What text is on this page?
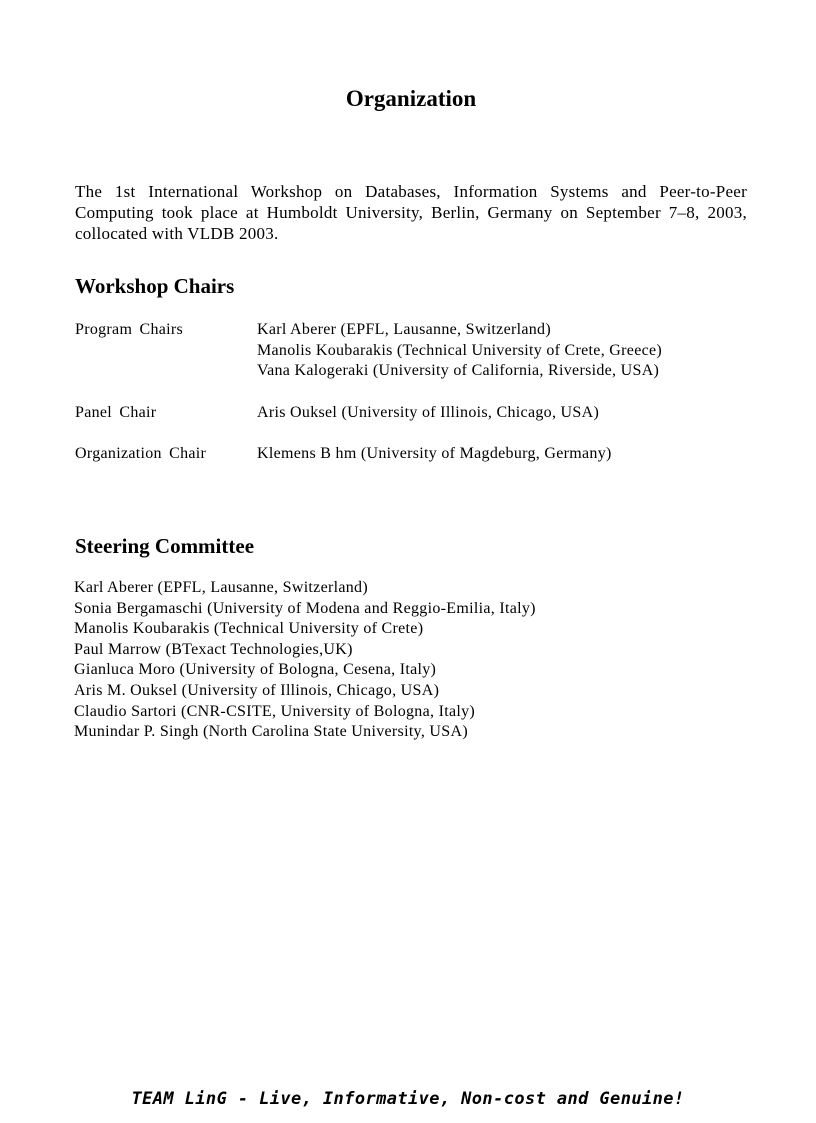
Organization

The 1st International Workshop on Databases, Information Systems and Peer-to-Peer Computing took place at Humboldt University, Berlin, Germany on September 7–8, 2003, collocated with VLDB 2003.

Workshop Chairs
Program Chairs	Karl Aberer (EPFL, Lausanne, Switzerland)
Manolis Koubarakis (Technical University of Crete, Greece)
Vana Kalogeraki (University of California, Riverside, USA)
Panel Chair	Aris Ouksel (University of Illinois, Chicago, USA)
Organization Chair	Klemens B hm (University of Magdeburg, Germany)
Steering Committee
Karl Aberer (EPFL, Lausanne, Switzerland)
Sonia Bergamaschi (University of Modena and Reggio-Emilia, Italy)
Manolis Koubarakis (Technical University of Crete)
Paul Marrow (BTexact Technologies,UK)
Gianluca Moro (University of Bologna, Cesena, Italy)
Aris M. Ouksel (University of Illinois, Chicago, USA)
Claudio Sartori (CNR-CSITE, University of Bologna, Italy)
Munindar P. Singh (North Carolina State University, USA)

TEAM LinG - Live, Informative, Non-cost and Genuine!
